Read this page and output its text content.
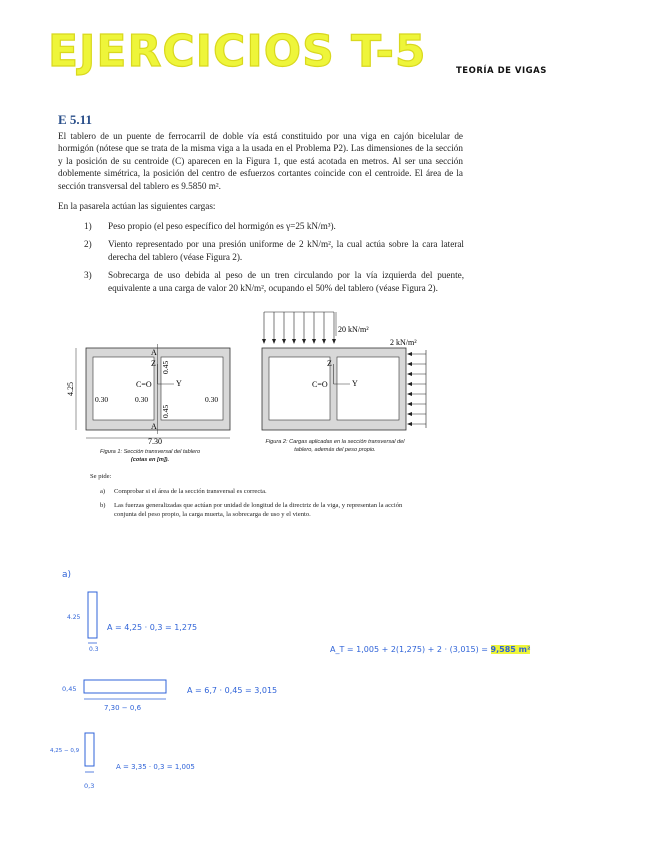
EJERCICIOS T-5	TEORÍA DE VIGAS
E 5.11
El tablero de un puente de ferrocarril de doble vía está constituido por una viga en cajón bicelular de hormigón (nótese que se trata de la misma viga a la usada en el Problema P2). Las dimensiones de la sección y la posición de su centroide (C) aparecen en la Figura 1, que está acotada en metros. Al ser una sección doblemente simétrica, la posición del centro de esfuerzos cortantes coincide con el centroide. El área de la sección transversal del tablero es 9.5850 m².
En la pasarela actúan las siguientes cargas:
1)	Peso propio (el peso específico del hormigón es γ=25 kN/m³).
2)	Viento representado por una presión uniforme de 2 kN/m², la cual actúa sobre la cara lateral derecha del tablero (véase Figura 2).
3)	Sobrecarga de uso debida al peso de un tren circulando por la vía izquierda del puente, equivalente a una carga de valor 20 kN/m², ocupando el 50% del tablero (véase Figura 2).
A
Z
Y
C=O
A
4.25
0.45
0.45
0.30	0.30	0.30
7.30
Figura 1: Sección transversal del tablero
(cotas en [m]).
20 kN/m²
2 kN/m²
Z
Y
C=O
Figura 2: Cargas aplicadas en la sección transversal del
tablero, además del peso propio.
Se pide:
a)	Comprobar si el área de la sección transversal es correcta.
b)	Las fuerzas generalizadas que actúan por unidad de longitud de la directriz de la viga, y representan la acción conjunta del peso propio, la carga muerta, la sobrecarga de uso y el viento.
a)
4.25
0.3
A = 4,25 · 0,3 = 1,275
A_T = 1,005 + 2(1,275) + 2 · (3,015) = 9,585 m²
0,45
7,30 − 0,6
A = 6,7 · 0,45 = 3,015
4,25 − 0,9
0,3
A = 3,35 · 0,3 = 1,005
